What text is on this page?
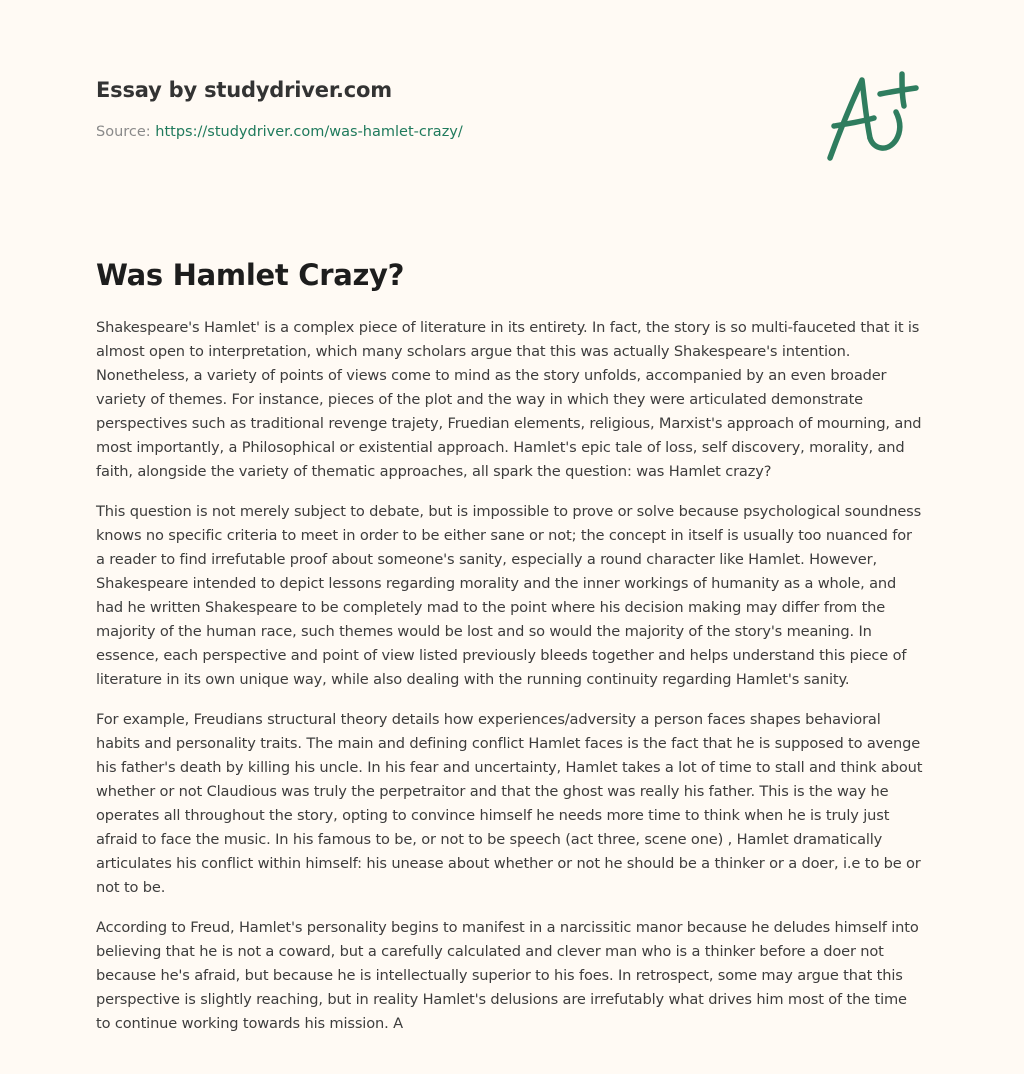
Essay by studydriver.com
Source: https://studydriver.com/was-hamlet-crazy/
Was Hamlet Crazy?

Shakespeare's Hamlet' is a complex piece of literature in its entirety. In fact, the story is so multi-fauceted that it is almost open to interpretation, which many scholars argue that this was actually Shakespeare's intention. Nonetheless, a variety of points of views come to mind as the story unfolds, accompanied by an even broader variety of themes. For instance, pieces of the plot and the way in which they were articulated demonstrate perspectives such as traditional revenge trajety, Fruedian elements, religious, Marxist's approach of mourning, and most importantly, a Philosophical or existential approach. Hamlet's epic tale of loss, self discovery, morality, and faith, alongside the variety of thematic approaches, all spark the question: was Hamlet crazy?

This question is not merely subject to debate, but is impossible to prove or solve because psychological soundness knows no specific criteria to meet in order to be either sane or not; the concept in itself is usually too nuanced for a reader to find irrefutable proof about someone's sanity, especially a round character like Hamlet. However, Shakespeare intended to depict lessons regarding morality and the inner workings of humanity as a whole, and had he written Shakespeare to be completely mad to the point where his decision making may differ from the majority of the human race, such themes would be lost and so would the majority of the story's meaning. In essence, each perspective and point of view listed previously bleeds together and helps understand this piece of literature in its own unique way, while also dealing with the running continuity regarding Hamlet's sanity.

For example, Freudians structural theory details how experiences/adversity a person faces shapes behavioral habits and personality traits. The main and defining conflict Hamlet faces is the fact that he is supposed to avenge his father's death by killing his uncle. In his fear and uncertainty, Hamlet takes a lot of time to stall and think about whether or not Claudious was truly the perpetraitor and that the ghost was really his father. This is the way he operates all throughout the story, opting to convince himself he needs more time to think when he is truly just afraid to face the music. In his famous to be, or not to be speech (act three, scene one) , Hamlet dramatically articulates his conflict within himself: his unease about whether or not he should be a thinker or a doer, i.e to be or not to be.

According to Freud, Hamlet's personality begins to manifest in a narcissitic manor because he deludes himself into believing that he is not a coward, but a carefully calculated and clever man who is a thinker before a doer not because he's afraid, but because he is intellectually superior to his foes. In retrospect, some may argue that this perspective is slightly reaching, but in reality Hamlet's delusions are irrefutably what drives him most of the time to continue working towards his mission. A
